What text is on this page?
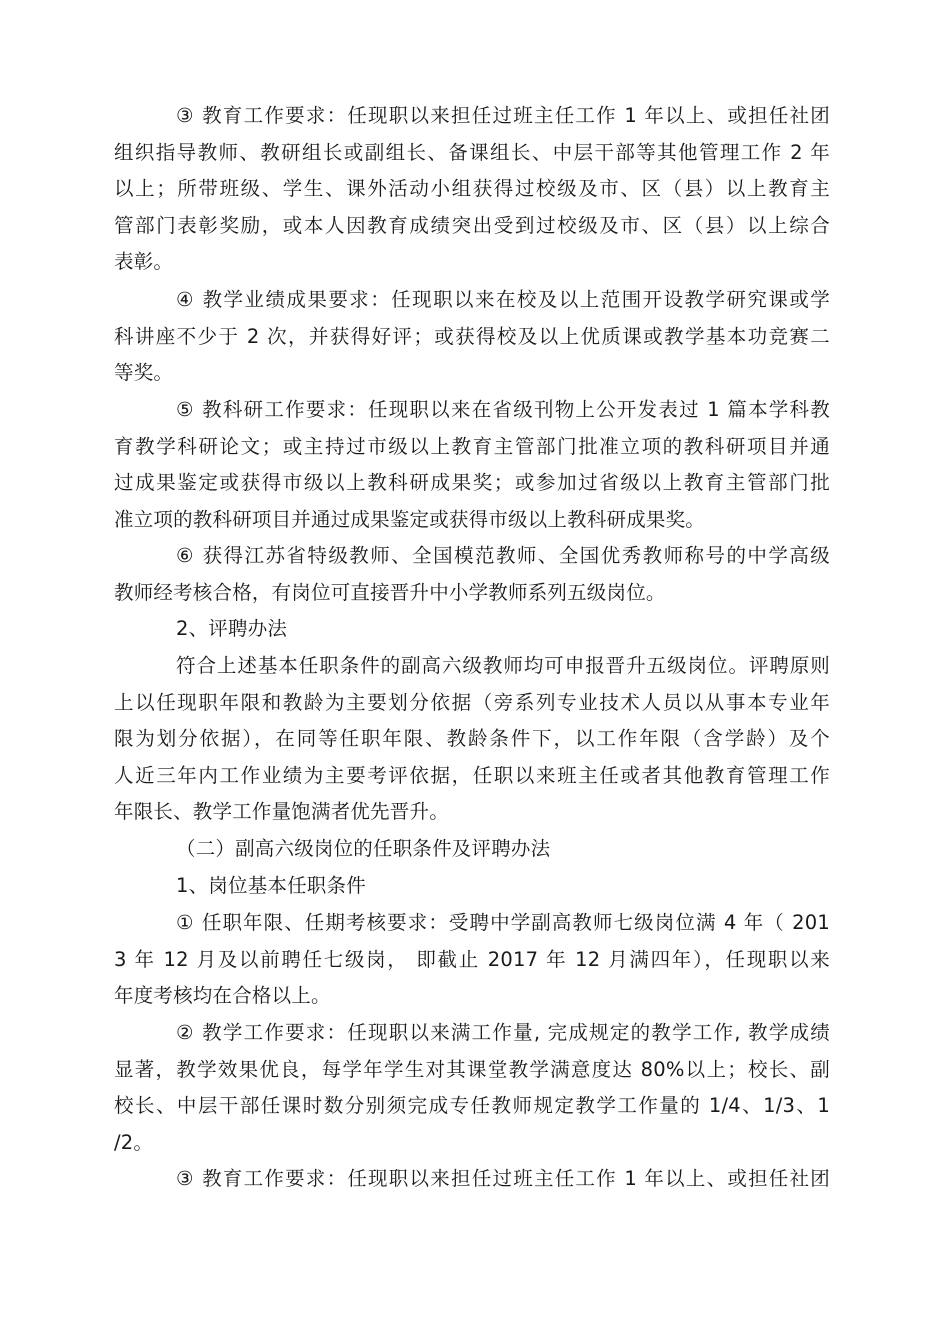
③ 教育工作要求：任现职以来担任过班主任工作 1 年以上、或担任社团
组织指导教师、教研组长或副组长、备课组长、中层干部等其他管理工作 2 年
以上；所带班级、学生、课外活动小组获得过校级及市、区（县）以上教育主
管部门表彰奖励，或本人因教育成绩突出受到过校级及市、区（县）以上综合
表彰。
④ 教学业绩成果要求：任现职以来在校及以上范围开设教学研究课或学
科讲座不少于 2 次，并获得好评；或获得校及以上优质课或教学基本功竞赛二
等奖。
⑤ 教科研工作要求：任现职以来在省级刊物上公开发表过 1 篇本学科教
育教学科研论文；或主持过市级以上教育主管部门批准立项的教科研项目并通
过成果鉴定或获得市级以上教科研成果奖；或参加过省级以上教育主管部门批
准立项的教科研项目并通过成果鉴定或获得市级以上教科研成果奖。
⑥ 获得江苏省特级教师、全国模范教师、全国优秀教师称号的中学高级
教师经考核合格，有岗位可直接晋升中小学教师系列五级岗位。
2、评聘办法
符合上述基本任职条件的副高六级教师均可申报晋升五级岗位。评聘原则
上以任现职年限和教龄为主要划分依据（旁系列专业技术人员以从事本专业年
限为划分依据），在同等任职年限、教龄条件下，以工作年限（含学龄）及个
人近三年内工作业绩为主要考评依据，任职以来班主任或者其他教育管理工作
年限长、教学工作量饱满者优先晋升。
（二）副高六级岗位的任职条件及评聘办法
1、岗位基本任职条件
① 任职年限、任期考核要求：受聘中学副高教师七级岗位满 4 年（ 201
3 年 12 月及以前聘任七级岗， 即截止 2017 年 12 月满四年），任现职以来
年度考核均在合格以上。
② 教学工作要求：任现职以来满工作量, 完成规定的教学工作, 教学成绩
显著，教学效果优良，每学年学生对其课堂教学满意度达 80%以上；校长、副
校长、中层干部任课时数分别须完成专任教师规定教学工作量的 1/4、1/3、1
/2。
③ 教育工作要求：任现职以来担任过班主任工作 1 年以上、或担任社团
